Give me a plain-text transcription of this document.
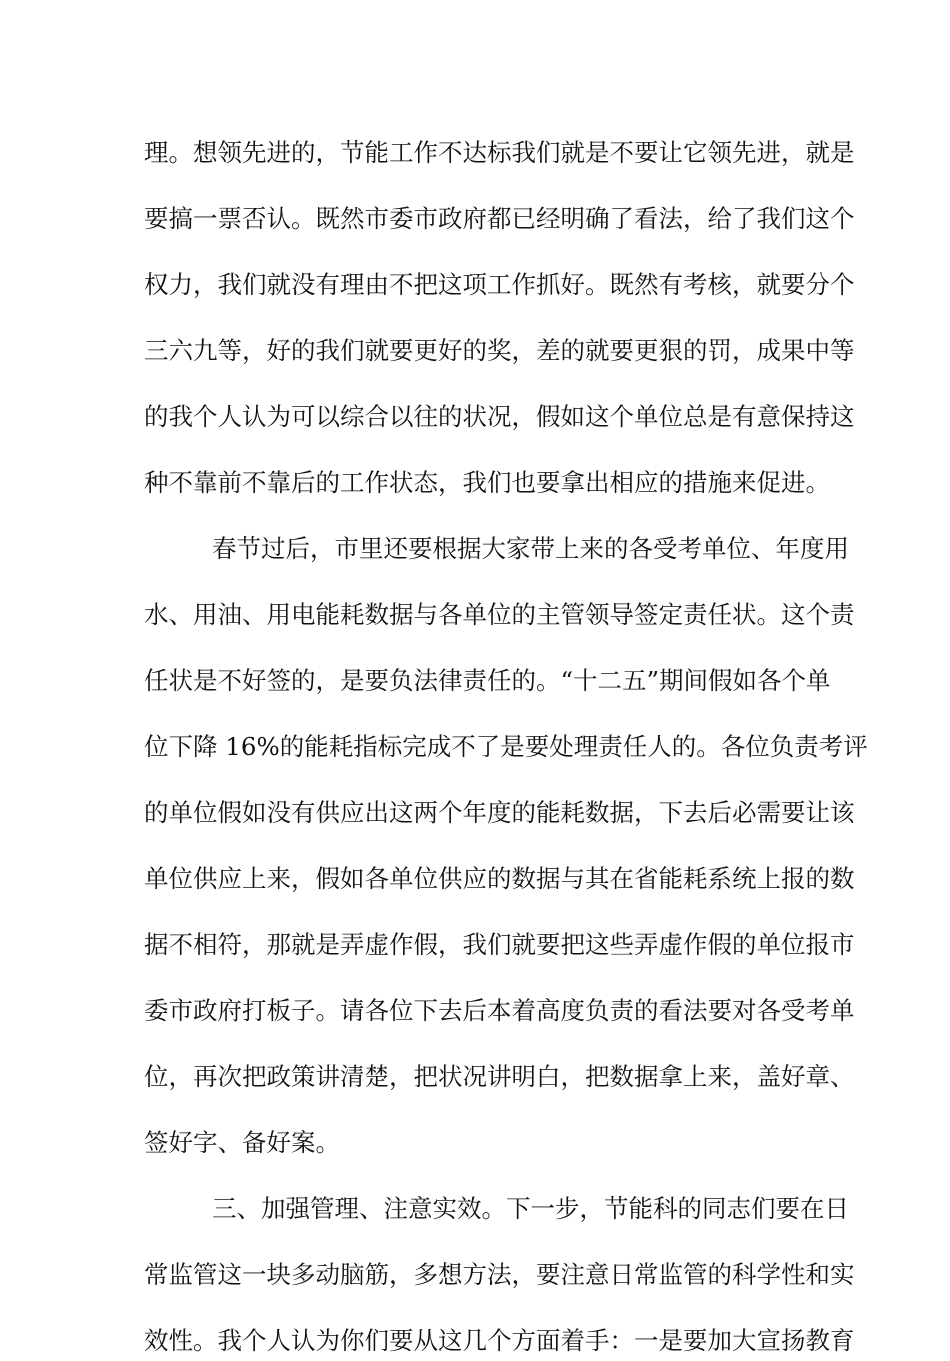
理。想领先进的，节能工作不达标我们就是不要让它领先进，就是
要搞一票否认。既然市委市政府都已经明确了看法，给了我们这个
权力，我们就没有理由不把这项工作抓好。既然有考核，就要分个
三六九等，好的我们就要更好的奖，差的就要更狠的罚，成果中等
的我个人认为可以综合以往的状况，假如这个单位总是有意保持这
种不靠前不靠后的工作状态，我们也要拿出相应的措施来促进。
春节过后，市里还要根据大家带上来的各受考单位、年度用
水、用油、用电能耗数据与各单位的主管领导签定责任状。这个责
任状是不好签的，是要负法律责任的。“十二五”期间假如各个单
位下降 16%的能耗指标完成不了是要处理责任人的。各位负责考评
的单位假如没有供应出这两个年度的能耗数据，下去后必需要让该
单位供应上来，假如各单位供应的数据与其在省能耗系统上报的数
据不相符，那就是弄虚作假，我们就要把这些弄虚作假的单位报市
委市政府打板子。请各位下去后本着高度负责的看法要对各受考单
位，再次把政策讲清楚，把状况讲明白，把数据拿上来，盖好章、
签好字、备好案。
三、加强管理、注意实效。下一步，节能科的同志们要在日
常监管这一块多动脑筋，多想方法，要注意日常监管的科学性和实
效性。我个人认为你们要从这几个方面着手：一是要加大宣扬教育
